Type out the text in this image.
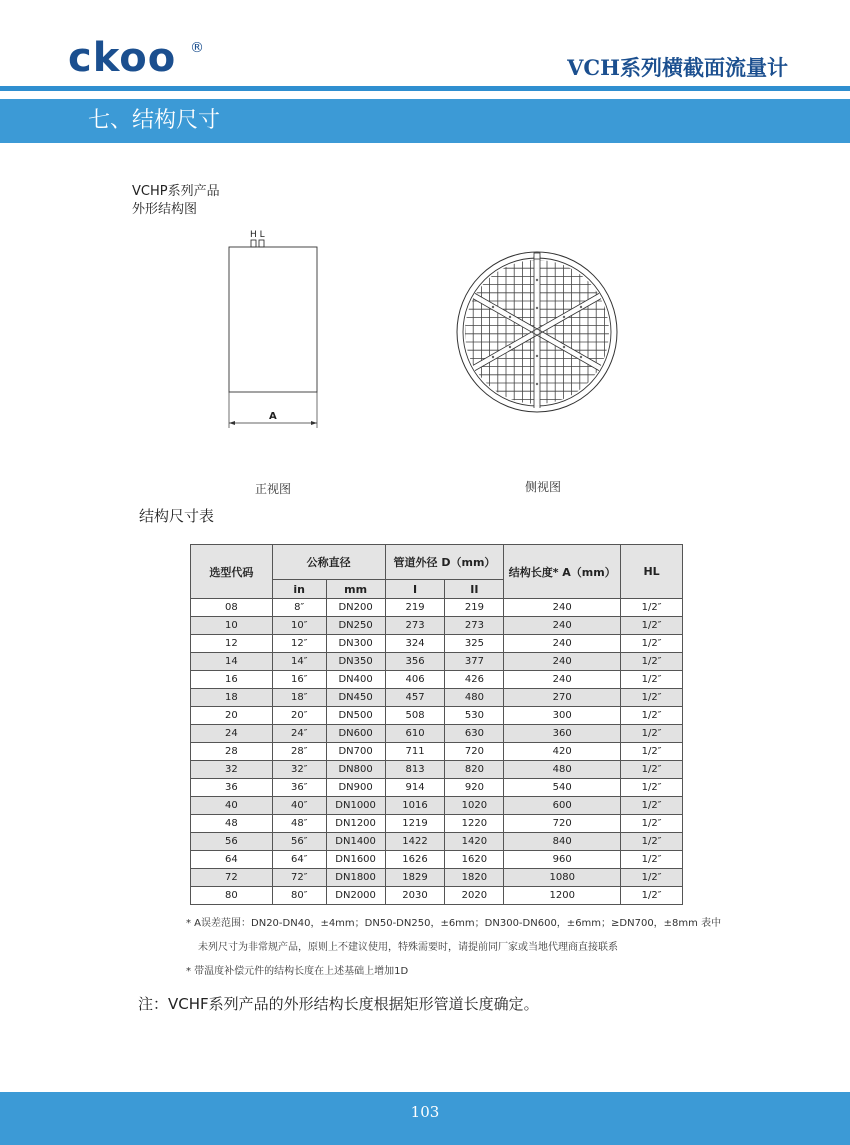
ckoo ®
VCH系列横截面流量计
七、结构尺寸
VCHP系列产品
外形结构图
H L
A
正视图	侧视图
结构尺寸表
选型代码	公称直径		管道外径 D（mm）		结构长度* A（mm）	HL
	in	mm	I	II		
08	8″	DN200	219	219	240	1/2″
10	10″	DN250	273	273	240	1/2″
12	12″	DN300	324	325	240	1/2″
14	14″	DN350	356	377	240	1/2″
16	16″	DN400	406	426	240	1/2″
18	18″	DN450	457	480	270	1/2″
20	20″	DN500	508	530	300	1/2″
24	24″	DN600	610	630	360	1/2″
28	28″	DN700	711	720	420	1/2″
32	32″	DN800	813	820	480	1/2″
36	36″	DN900	914	920	540	1/2″
40	40″	DN1000	1016	1020	600	1/2″
48	48″	DN1200	1219	1220	720	1/2″
56	56″	DN1400	1422	1420	840	1/2″
64	64″	DN1600	1626	1620	960	1/2″
72	72″	DN1800	1829	1820	1080	1/2″
80	80″	DN2000	2030	2020	1200	1/2″
* A误差范围：DN20-DN40，±4mm；DN50-DN250，±6mm；DN300-DN600，±6mm；≥DN700，±8mm 表中
未列尺寸为非常规产品，原则上不建议使用，特殊需要时，请提前同厂家或当地代理商直接联系
* 带温度补偿元件的结构长度在上述基础上增加1D
注：VCHF系列产品的外形结构长度根据矩形管道长度确定。
103
